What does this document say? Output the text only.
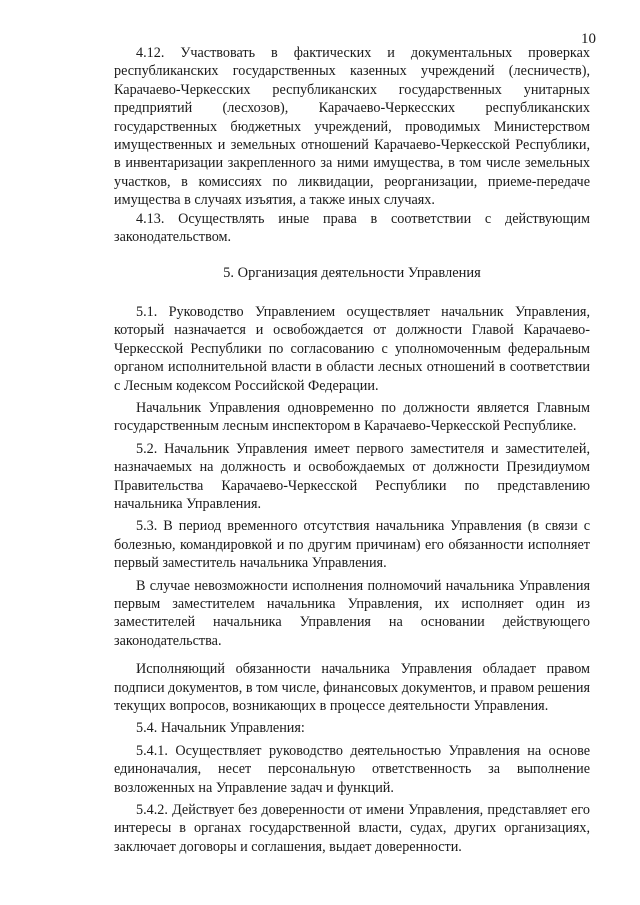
10

4.12. Участвовать в фактических и документальных проверках республиканских государственных казенных учреждений (лесничеств), Карачаево-Черкесских республиканских государственных унитарных предприятий (лесхозов), Карачаево-Черкесских республиканских государственных бюджетных учреждений, проводимых Министерством имущественных и земельных отношений Карачаево-Черкесской Республики, в инвентаризации закрепленного за ними имущества, в том числе земельных участков, в комиссиях по ликвидации, реорганизации, приеме-передаче имущества в случаях изъятия, а также иных случаях.

4.13. Осуществлять иные права в соответствии с действующим законодательством.

5. Организация деятельности Управления

5.1. Руководство Управлением осуществляет начальник Управления, который назначается и освобождается от должности Главой Карачаево-Черкесской Республики по согласованию с уполномоченным федеральным органом исполнительной власти в области лесных отношений в соответствии с Лесным кодексом Российской Федерации.

Начальник Управления одновременно по должности является Главным государственным лесным инспектором в Карачаево-Черкесской Республике.

5.2. Начальник Управления имеет первого заместителя и заместителей, назначаемых на должность и освобождаемых от должности Президиумом Правительства Карачаево-Черкесской Республики по представлению начальника Управления.

5.3. В период временного отсутствия начальника Управления (в связи с болезнью, командировкой и по другим причинам) его обязанности исполняет первый заместитель начальника Управления.

В случае невозможности исполнения полномочий начальника Управления первым заместителем начальника Управления, их исполняет один из заместителей начальника Управления на основании действующего законодательства.

Исполняющий обязанности начальника Управления обладает правом подписи документов, в том числе, финансовых документов, и правом решения текущих вопросов, возникающих в процессе деятельности Управления.

5.4. Начальник Управления:

5.4.1. Осуществляет руководство деятельностью Управления на основе единоначалия, несет персональную ответственность за выполнение возложенных на Управление задач и функций.

5.4.2. Действует без доверенности от имени Управления, представляет его интересы в органах государственной власти, судах, других организациях, заключает договоры и соглашения, выдает доверенности.
